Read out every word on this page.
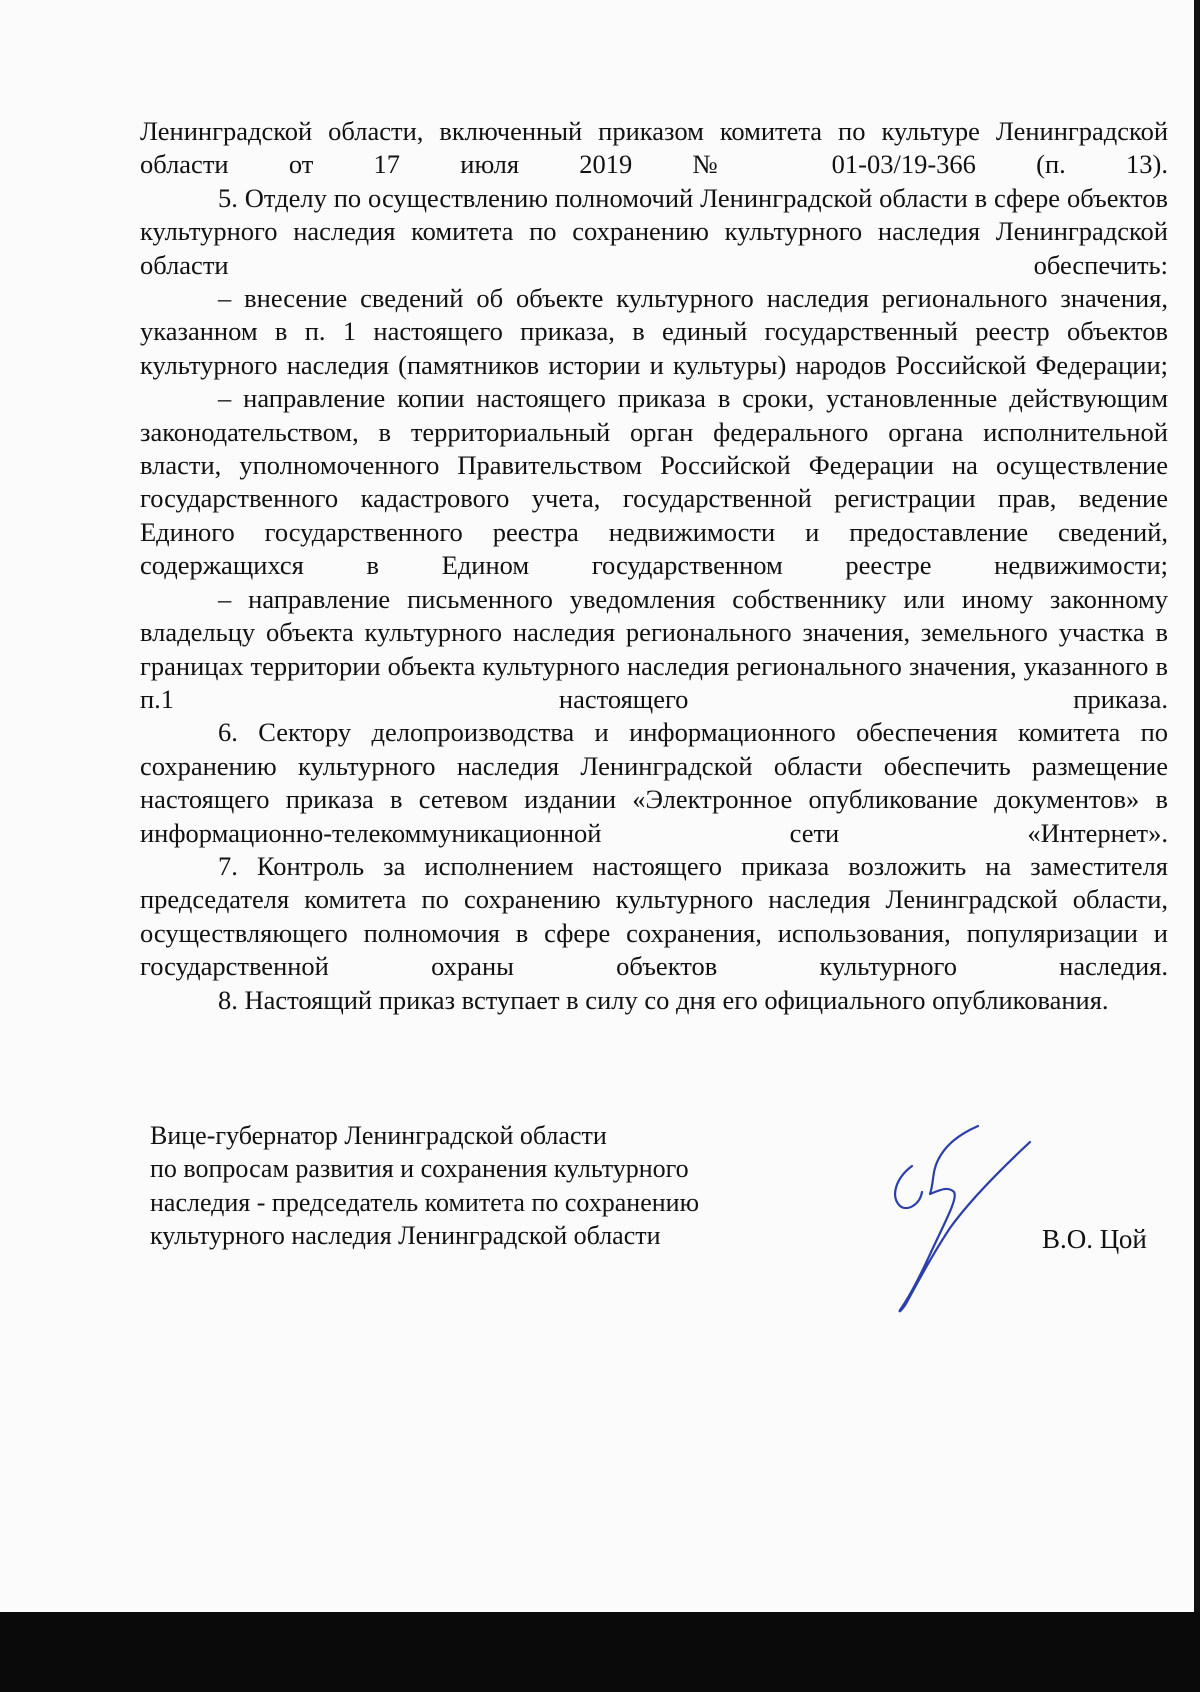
Ленинградской области, включенный приказом комитета по культуре Ленинградской области от 17 июля 2019 № 01-03/19-366 (п. 13).

5. Отделу по осуществлению полномочий Ленинградской области в сфере объектов культурного наследия комитета по сохранению культурного наследия Ленинградской области обеспечить:

– внесение сведений об объекте культурного наследия регионального значения, указанном в п. 1 настоящего приказа, в единый государственный реестр объектов культурного наследия (памятников истории и культуры) народов Российской Федерации;

– направление копии настоящего приказа в сроки, установленные действующим законодательством, в территориальный орган федерального органа исполнительной власти, уполномоченного Правительством Российской Федерации на осуществление государственного кадастрового учета, государственной регистрации прав, ведение Единого государственного реестра недвижимости и предоставление сведений, содержащихся в Едином государственном реестре недвижимости;

– направление письменного уведомления собственнику или иному законному владельцу объекта культурного наследия регионального значения, земельного участка в границах территории объекта культурного наследия регионального значения, указанного в п.1 настоящего приказа.

6. Сектору делопроизводства и информационного обеспечения комитета по сохранению культурного наследия Ленинградской области обеспечить размещение настоящего приказа в сетевом издании «Электронное опубликование документов» в информационно-телекоммуникационной сети «Интернет».

7. Контроль за исполнением настоящего приказа возложить на заместителя председателя комитета по сохранению культурного наследия Ленинградской области, осуществляющего полномочия в сфере сохранения, использования, популяризации и государственной охраны объектов культурного наследия.

8. Настоящий приказ вступает в силу со дня его официального опубликования.

Вице-губернатор Ленинградской области
по вопросам развития и сохранения культурного
наследия - председатель комитета по сохранению
культурного наследия Ленинградской области	В.О. Цой
